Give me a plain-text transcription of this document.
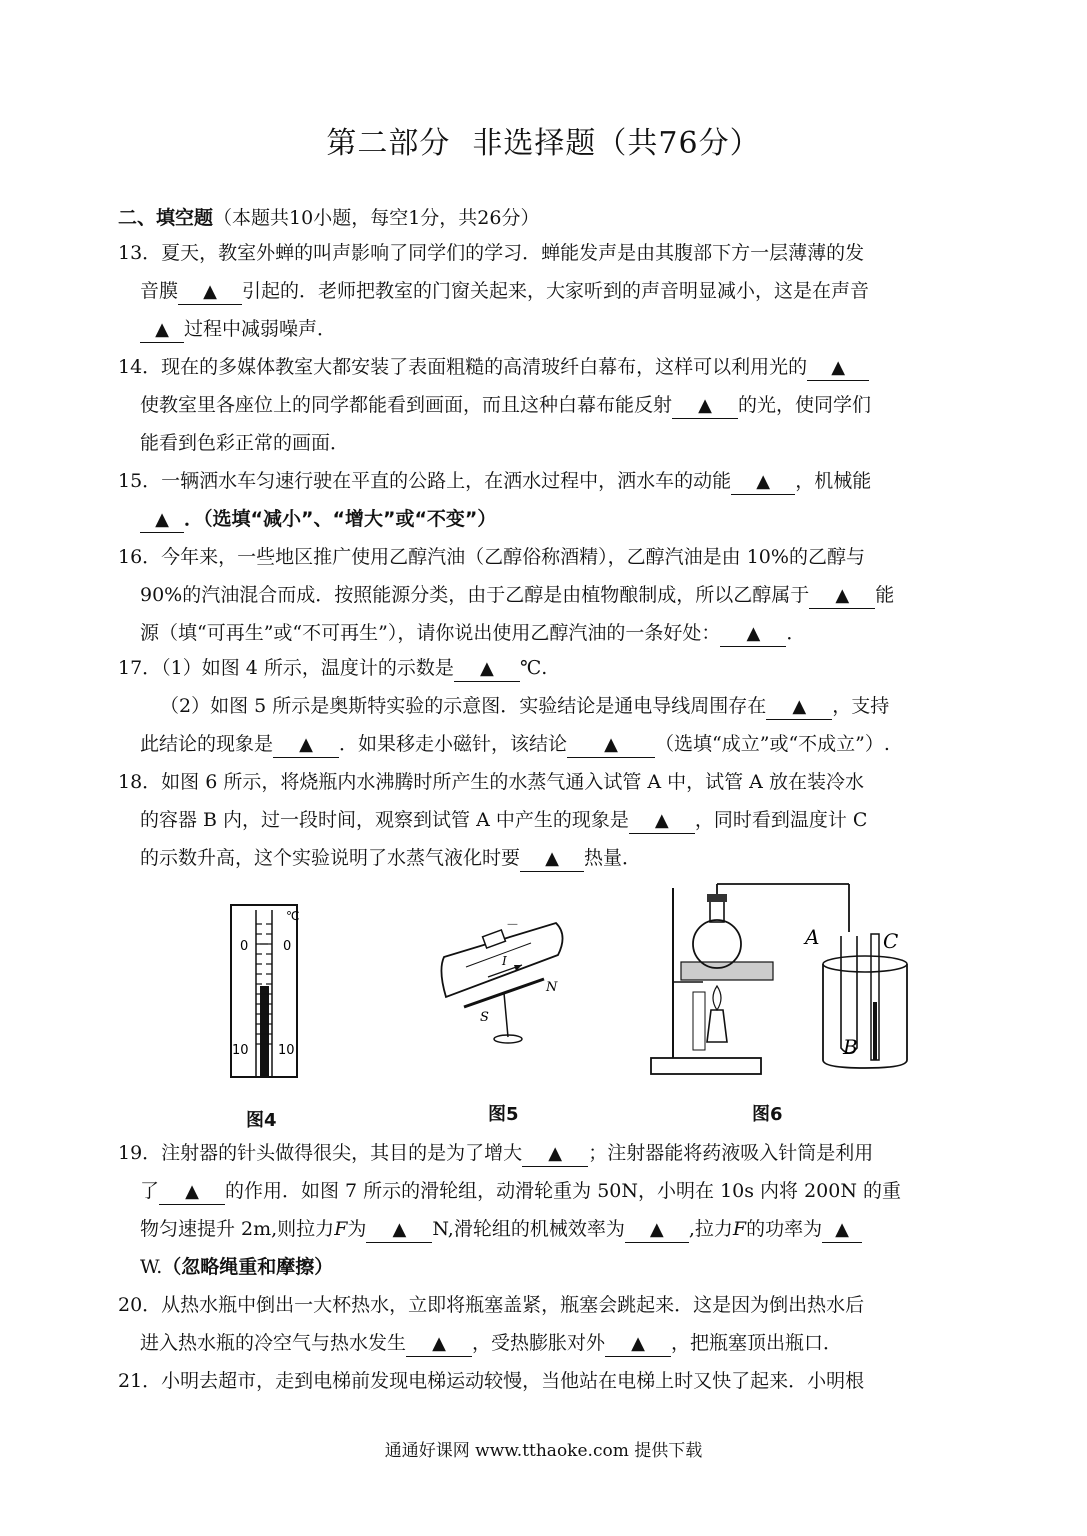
第二部分 非选择题（共76分）
二、填空题（本题共10小题，每空1分，共26分）
13．夏天，教室外蝉的叫声影响了同学们的学习．蝉能发声是由其腹部下方一层薄薄的发
音膜 ▲ 引起的．老师把教室的门窗关起来，大家听到的声音明显减小，这是在声音
▲ 过程中减弱噪声．
14．现在的多媒体教室大都安装了表面粗糙的高清玻纤白幕布，这样可以利用光的 ▲
使教室里各座位上的同学都能看到画面，而且这种白幕布能反射 ▲ 的光，使同学们
能看到色彩正常的画面．
15．一辆洒水车匀速行驶在平直的公路上，在洒水过程中，洒水车的动能 ▲ ，机械能
▲ ．（选填“减小”、“增大”或“不变”）
16．今年来，一些地区推广使用乙醇汽油（乙醇俗称酒精），乙醇汽油是由 10%的乙醇与
90%的汽油混合而成．按照能源分类，由于乙醇是由植物酿制成，所以乙醇属于 ▲ 能
源（填“可再生”或“不可再生”），请你说出使用乙醇汽油的一条好处： ▲ ．
17．（1）如图 4 所示，温度计的示数是 ▲ ℃.
（2）如图 5 所示是奥斯特实验的示意图．实验结论是通电导线周围存在 ▲ ，支持
此结论的现象是 ▲ ．如果移走小磁针，该结论 ▲ （选填“成立”或“不成立”）.
18．如图 6 所示，将烧瓶内水沸腾时所产生的水蒸气通入试管 A 中，试管 A 放在装冷水
的容器 B 内，过一段时间，观察到试管 A 中产生的现象是 ▲ ，同时看到温度计 C
的示数升高，这个实验说明了水蒸气液化时要 ▲ 热量．
℃
0	0
10 10
图4
－
I
N
S
图5
A	C
B
图6
19．注射器的针头做得很尖，其目的是为了增大 ▲ ；注射器能将药液吸入针筒是利用
了 ▲ 的作用．如图 7 所示的滑轮组，动滑轮重为 50N，小明在 10s 内将 200N 的重
物匀速提升 2m,则拉力F为 ▲ N,滑轮组的机械效率为 ▲ ,拉力F的功率为 ▲
W.（忽略绳重和摩擦）
20．从热水瓶中倒出一大杯热水，立即将瓶塞盖紧，瓶塞会跳起来．这是因为倒出热水后
进入热水瓶的冷空气与热水发生 ▲ ，受热膨胀对外 ▲ ，把瓶塞顶出瓶口．
21．小明去超市，走到电梯前发现电梯运动较慢，当他站在电梯上时又快了起来．小明根
通通好课网 www.tthaoke.com 提供下载
